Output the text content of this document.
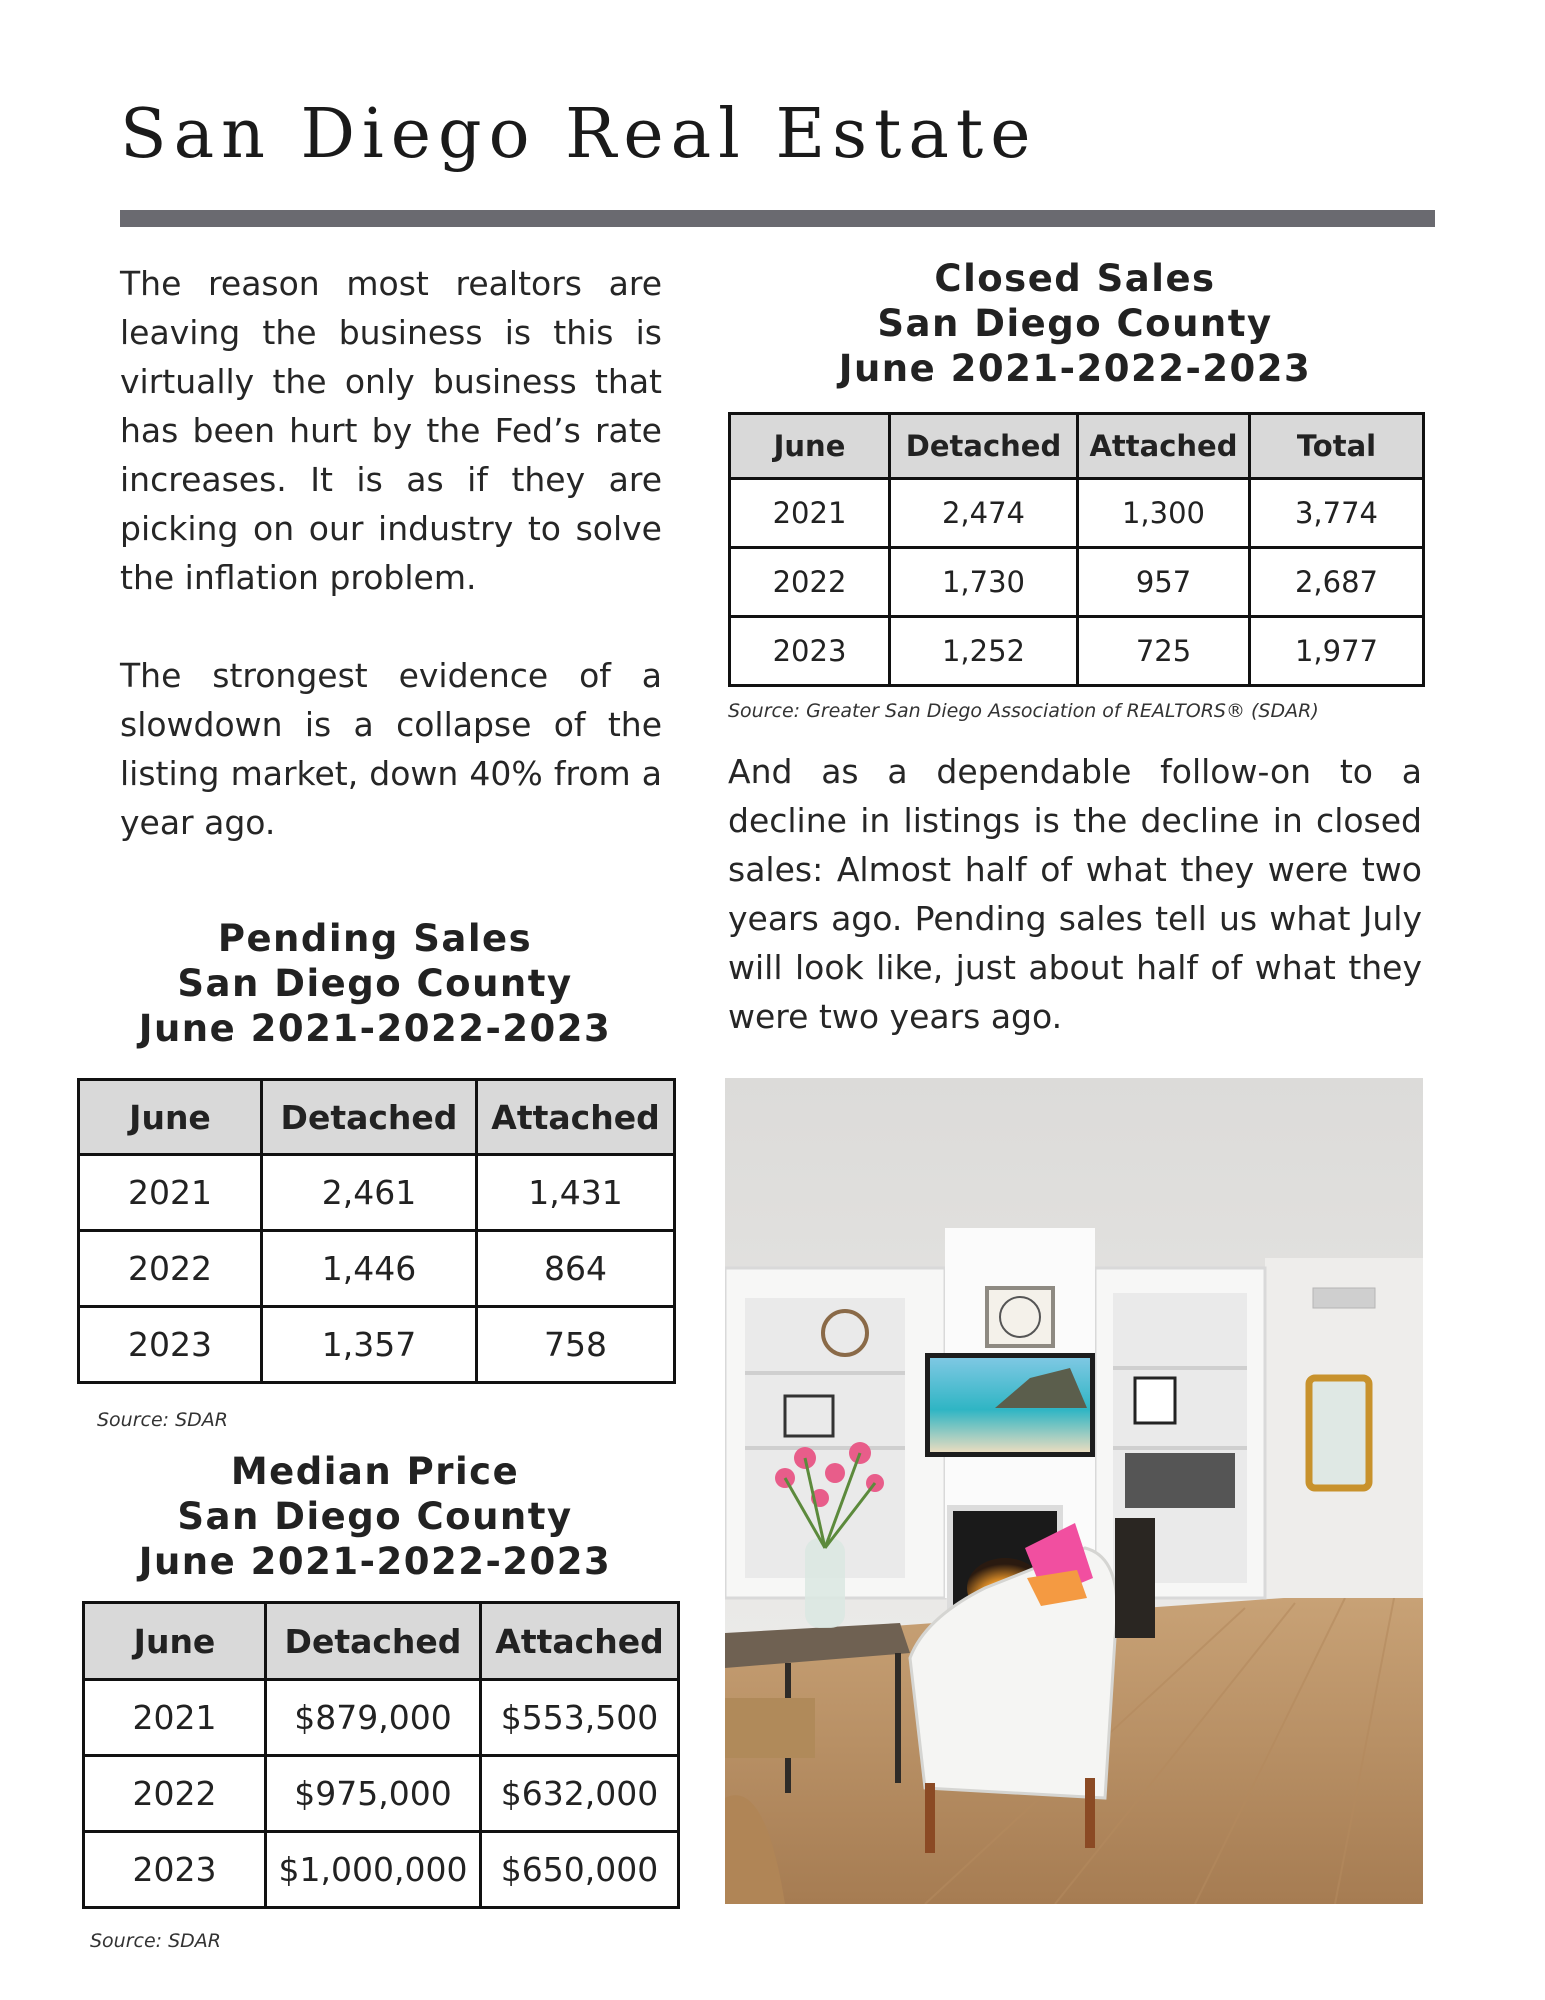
San Diego Real Estate

The reason most realtors are leaving the business is this is virtually the only business that has been hurt by the Fed’s rate increases. It is as if they are picking on our industry to solve the inflation problem.

The strongest evidence of a slowdown is a collapse of the listing market, down 40% from a year ago.

Closed Sales
San Diego County
June 2021-2022-2023
June	Detached	Attached	Total
2021	2,474	1,300	3,774
2022	1,730	957	2,687
2023	1,252	725	1,977

Source: Greater San Diego Association of REALTORS® (SDAR)

And as a dependable follow-on to a decline in listings is the decline in closed sales: Almost half of what they were two years ago. Pending sales tell us what July will look like, just about half of what they were two years ago.

Pending Sales
San Diego County
June 2021-2022-2023
June	Detached	Attached
2021	2,461	1,431
2022	1,446	864
2023	1,357	758

Source: SDAR

Median Price
San Diego County
June 2021-2022-2023
June	Detached	Attached
2021	$879,000	$553,500
2022	$975,000	$632,000
2023	$1,000,000	$650,000

Source: SDAR
